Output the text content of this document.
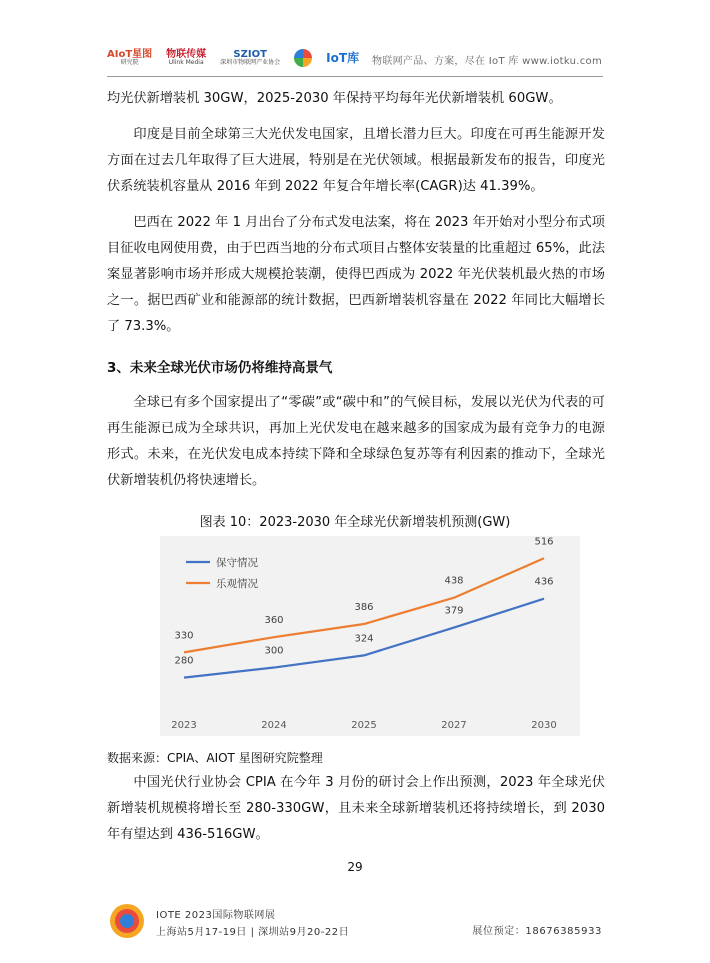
AIoT星图
研究院
物联传媒
Ulink Media
SZIOT
深圳市物联网产业协会	IoT库 物联网产品、方案，尽在 IoT 库 www.iotku.com

均光伏新增装机 30GW，2025-2030 年保持平均每年光伏新增装机 60GW。

印度是目前全球第三大光伏发电国家，且增长潜力巨大。印度在可再生能源开发方面在过去几年取得了巨大进展，特别是在光伏领域。根据最新发布的报告，印度光伏系统装机容量从 2016 年到 2022 年复合年增长率(CAGR)达 41.39%。

巴西在 2022 年 1 月出台了分布式发电法案，将在 2023 年开始对小型分布式项目征收电网使用费，由于巴西当地的分布式项目占整体安装量的比重超过 65%，此法案显著影响市场并形成大规模抢装潮，使得巴西成为 2022 年光伏装机最火热的市场之一。据巴西矿业和能源部的统计数据，巴西新增装机容量在 2022 年同比大幅增长了 73.3%。

3、未来全球光伏市场仍将维持高景气

全球已有多个国家提出了“零碳”或“碳中和”的气候目标，发展以光伏为代表的可再生能源已成为全球共识，再加上光伏发电在越来越多的国家成为最有竞争力的电源形式。未来，在光伏发电成本持续下降和全球绿色复苏等有利因素的推动下，全球光伏新增装机仍将快速增长。

图表 10：2023-2030 年全球光伏新增装机预测(GW)
2023	2024	2025	2027	2030
280
300
324
379
436
330
360
386
438
516
保守情况
乐观情况
数据来源：CPIA、AIOT 星图研究院整理

中国光伏行业协会 CPIA 在今年 3 月份的研讨会上作出预测，2023 年全球光伏新增装机规模将增长至 280-330GW，且未来全球新增装机还将持续增长，到 2030 年有望达到 436-516GW。

29
IOTE 2023国际物联网展
上海站5月17-19日 | 深圳站9月20-22日	展位预定：18676385933
